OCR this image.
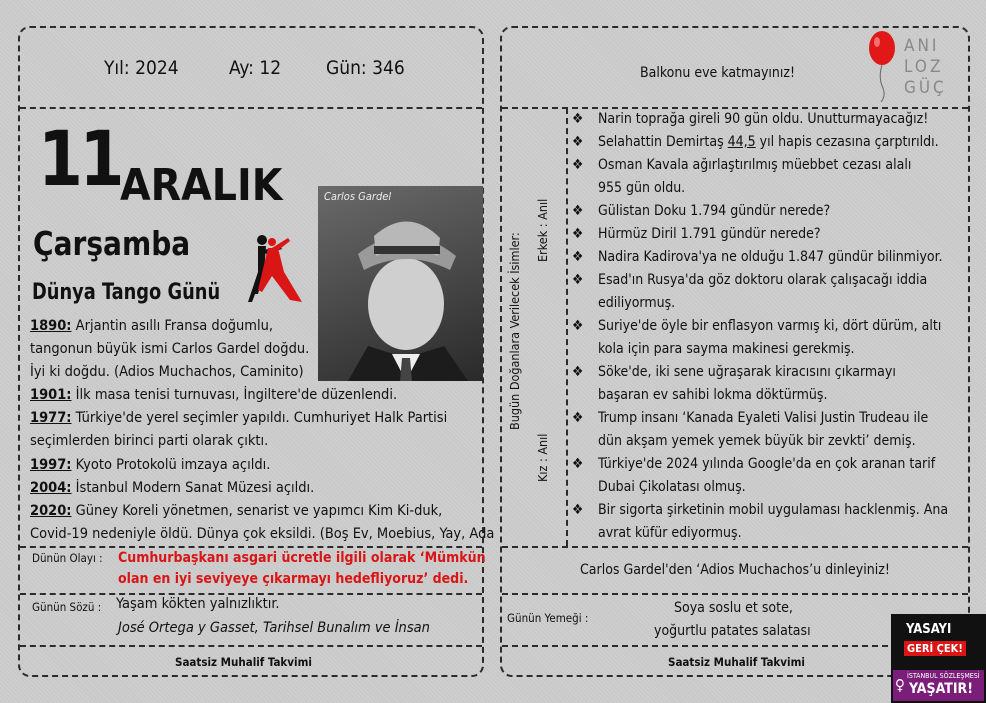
Yıl: 2024	Ay: 12 Gün: 346
11
ARALIK
Çarşamba
Dünya Tango Günü
Carlos Gardel

1890: Arjantin asıllı Fransa doğumlu,

tangonun büyük ismi Carlos Gardel doğdu.

İyi ki doğdu. (Adios Muchachos, Caminito)

1901: İlk masa tenisi turnuvası, İngiltere'de düzenlendi.

1977: Türkiye'de yerel seçimler yapıldı. Cumhuriyet Halk Partisi

seçimlerden birinci parti olarak çıktı.

1997: Kyoto Protokolü imzaya açıldı.

2004: İstanbul Modern Sanat Müzesi açıldı.

2020: Güney Koreli yönetmen, senarist ve yapımcı Kim Ki-duk,

Covid-19 nedeniyle öldü. Dünya çok eksildi. (Boş Ev, Moebius, Yay, Ada

Dünün Olayı : Cumhurbaşkanı asgari ücretle ilgili olarak ‘Mümkün
olan en iyi seviyeye çıkarmayı hedefliyoruz’ dedi.
Günün Sözü : Yaşam kökten yalnızlıktır.
José Ortega y Gasset, Tarihsel Bunalım ve İnsan
Saatsiz Muhalif Takvimi
Balkonu eve katmayınız!
ANI
LOZ
GÜÇ
Bugün Doğanlara Verilecek İsimler:
Erkek : Anıl
Kız : Anıl
❖ Narin toprağa gireli 90 gün oldu. Unutturmayacağız!
❖ Selahattin Demirtaş 44,5 yıl hapis cezasına çarptırıldı.
❖ Osman Kavala ağırlaştırılmış müebbet cezası alalı
955 gün oldu.
❖ Gülistan Doku 1.794 gündür nerede?
❖ Hürmüz Diril 1.791 gündür nerede?
❖ Nadira Kadirova'ya ne olduğu 1.847 gündür bilinmiyor.
❖ Esad'ın Rusya'da göz doktoru olarak çalışacağı iddia
ediliyormuş.
❖ Suriye'de öyle bir enflasyon varmış ki, dört dürüm, altı
kola için para sayma makinesi gerekmiş.
❖ Söke'de, iki sene uğraşarak kiracısını çıkarmayı
başaran ev sahibi lokma döktürmüş.
❖ Trump insanı ‘Kanada Eyaleti Valisi Justin Trudeau ile
dün akşam yemek yemek büyük bir zevkti’ demiş.
❖ Türkiye'de 2024 yılında Google'da en çok aranan tarif
Dubai Çikolatası olmuş.
❖ Bir sigorta şirketinin mobil uygulaması hacklenmiş. Ana
avrat küfür ediyormuş.
Carlos Gardel'den ‘Adios Muchachos’u dinleyiniz!
Günün Yemeği :
Soya soslu et sote,
yoğurtlu patates salatası
Saatsiz Muhalif Takvimi
YASAYI
GERİ ÇEK!
İSTANBUL SÖZLEŞMESİ
YAŞATIR!
♀
